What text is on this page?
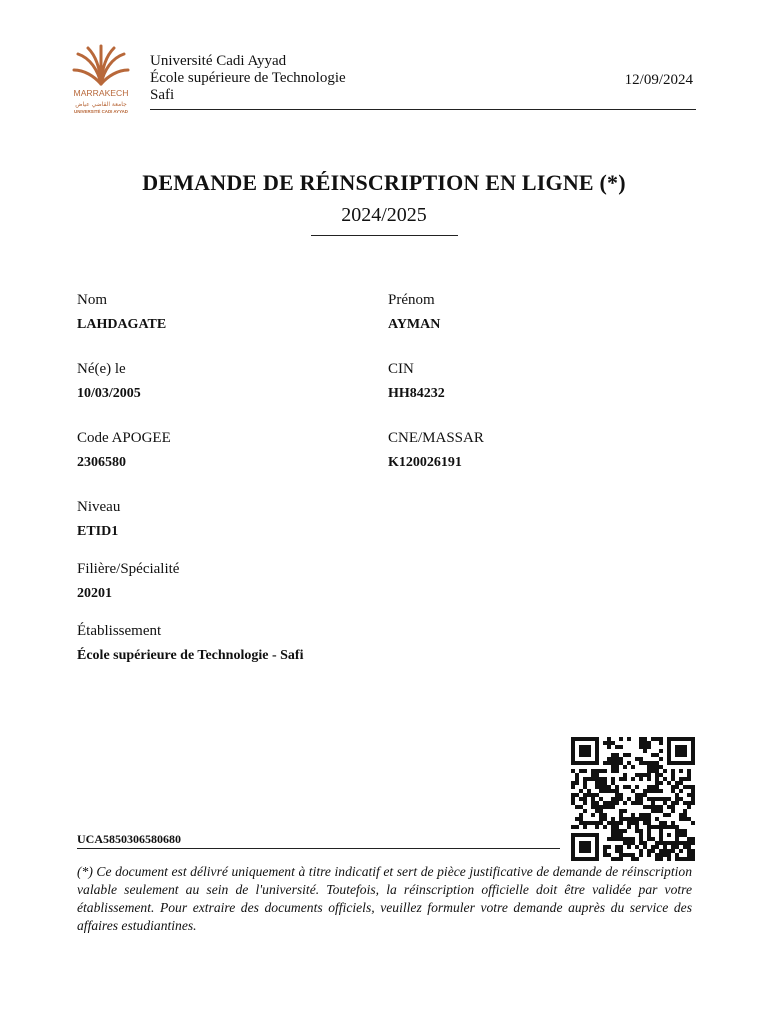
MARRAKECH
جامعة القاضي عياض
UNIVERSITÉ CADI AYYAD
Université Cadi Ayyad
École supérieure de Technologie
Safi
12/09/2024
DEMANDE DE RÉINSCRIPTION EN LIGNE (*)
2024/2025
Nom
LAHDAGATE
Prénom
AYMAN
Né(e) le
10/03/2005
CIN
HH84232
Code APOGEE
2306580
CNE/MASSAR
K120026191
Niveau
ETID1
Filière/Spécialité
20201
Établissement
École supérieure de Technologie - Safi
UCA5850306580680
(*) Ce document est délivré uniquement à titre indicatif et sert de pièce justificative de demande de réinscription valable seulement au sein de l'université. Toutefois, la réinscription officielle doit être validée par votre établissement. Pour extraire des documents officiels, veuillez formuler votre demande auprès du service des affaires estudiantines.
